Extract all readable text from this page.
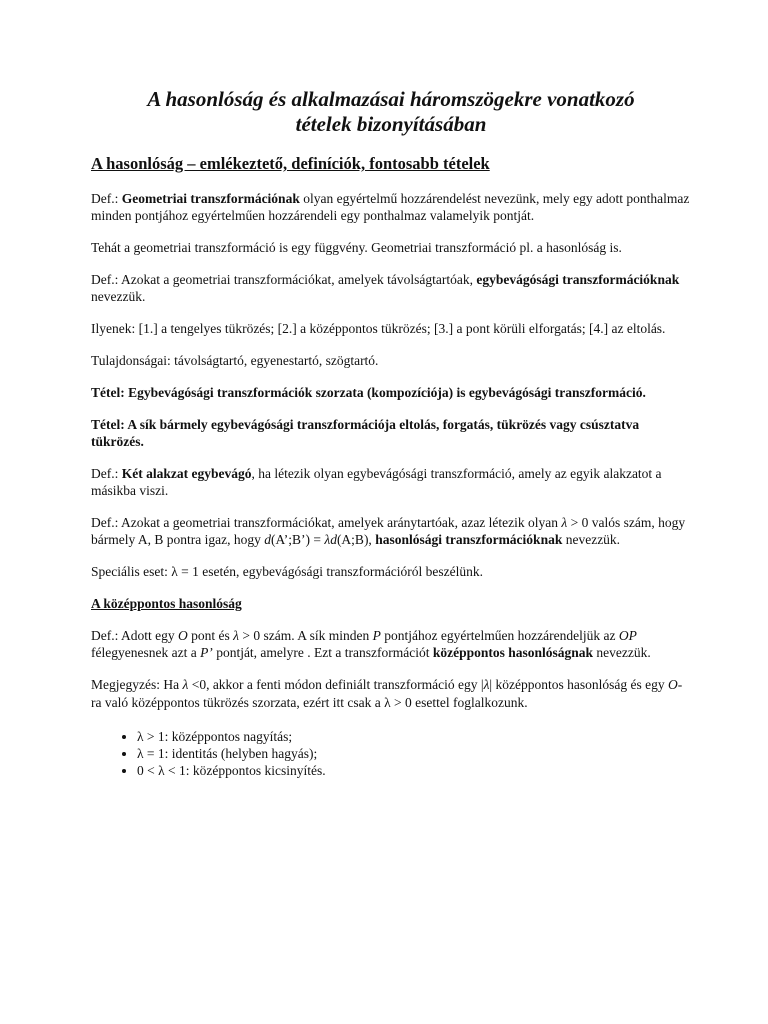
A hasonlóság és alkalmazásai háromszögekre vonatkozó
tételek bizonyításában
A hasonlóság – emlékeztető, definíciók, fontosabb tételek

Def.: Geometriai transzformációnak olyan egyértelmű hozzárendelést nevezünk, mely egy adott ponthalmaz minden pontjához egyértelműen hozzárendeli egy ponthalmaz valamelyik pontját.

Tehát a geometriai transzformáció is egy függvény. Geometriai transzformáció pl. a hasonlóság is.

Def.: Azokat a geometriai transzformációkat, amelyek távolságtartóak, egybevágósági transzformációknak nevezzük.

Ilyenek: [1.] a tengelyes tükrözés; [2.] a középpontos tükrözés; [3.] a pont körüli elforgatás; [4.] az eltolás.

Tulajdonságai: távolságtartó, egyenestartó, szögtartó.

Tétel: Egybevágósági transzformációk szorzata (kompozíciója) is egybevágósági transzformáció.

Tétel: A sík bármely egybevágósági transzformációja eltolás, forgatás, tükrözés vagy csúsztatva tükrözés.

Def.: Két alakzat egybevágó, ha létezik olyan egybevágósági transzformáció, amely az egyik alakzatot a másikba viszi.

Def.: Azokat a geometriai transzformációkat, amelyek aránytartóak, azaz létezik olyan λ > 0 valós szám, hogy bármely A, B pontra igaz, hogy d(A’;B’) = λd(A;B), hasonlósági transzformációknak nevezzük.

Speciális eset: λ = 1 esetén, egybevágósági transzformációról beszélünk.

A középpontos hasonlóság

Def.: Adott egy O pont és λ > 0 szám. A sík minden P pontjához egyértelműen hozzárendeljük az OP félegyenesnek azt a P’ pontját, amelyre . Ezt a transzformációt középpontos hasonlóságnak nevezzük.

Megjegyzés: Ha λ <0, akkor a fenti módon definiált transzformáció egy |λ| középpontos hasonlóság és egy O-ra való középpontos tükrözés szorzata, ezért itt csak a λ > 0 esettel foglalkozunk.

• λ > 1: középpontos nagyítás;
• λ = 1: identitás (helyben hagyás);
• 0 < λ < 1: középpontos kicsinyítés.
